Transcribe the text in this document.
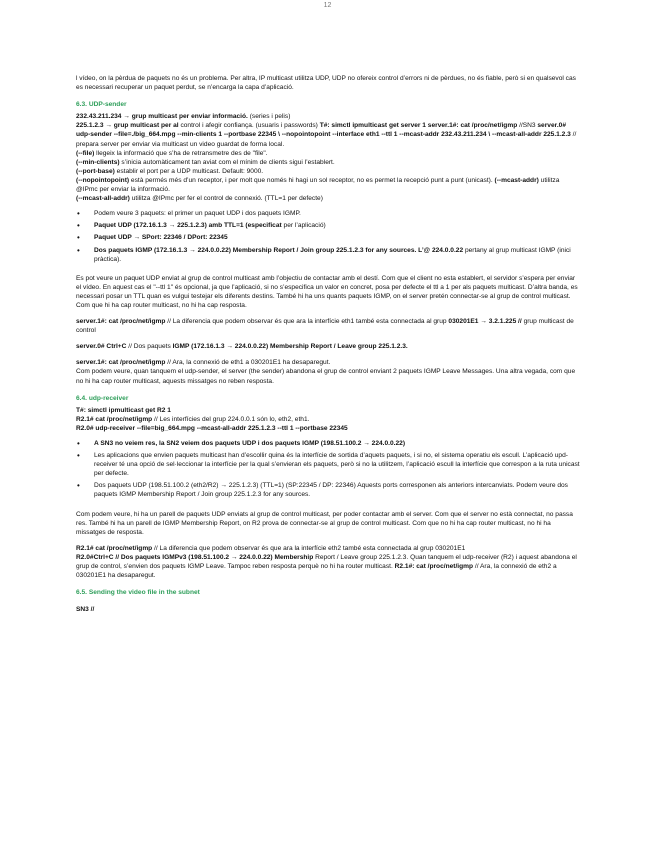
12

l vídeo, on la pèrdua de paquets no és un problema. Per altra, IP multicast utilitza UDP, UDP no ofereix control d’errors ni de pèrdues, no és fiable, però si en qualsevol cas es necessari recuperar un paquet perdut, se n’encarga la capa d’aplicació.

6.3. UDP-sender
232.43.211.234 → grup multicast per enviar informació. (series i pelis)
225.1.2.3 → grup multicast per al control i afegir confiança. (usuaris i passwords) T#: simctl ipmulticast get server 1 server.1#: cat /proc/net/igmp //SN3 server.0# udp-sender --file=./big_664.mpg --min-clients 1 --portbase 22345 \ --nopointopoint --interface eth1 --ttl 1 --mcast-addr 232.43.211.234 \ --mcast-all-addr 225.1.2.3 // prepara server per enviar via multicast un video guardat de forma local.
(--file) llegeix la informació que s’ha de retransmetre des de "file".
(--min-clients) s’inicia automàticament tan aviat com el mínim de clients sigui l’establert.
(--port-base) establir el port per a UDP multicast. Default: 9000.
(--nopointopoint) està permés més d’un receptor, i per molt que només hi hagi un sol receptor, no es permet la recepció punt a punt (unicast). (--mcast-addr) utilitza @IPmc per enviar la informació.
(--mcast-all-addr) utilitza @IPmc per fer el control de connexió. (TTL=1 per defecte)
• Podem veure 3 paquets: el primer un paquet UDP i dos paquets IGMP.
• Paquet UDP (172.16.1.3 → 225.1.2.3) amb TTL=1 (especificat per l’aplicació)
• Paquet UDP → SPort: 22346 / DPort: 22345
• Dos paquets IGMP (172.16.1.3 → 224.0.0.22) Membership Report / Join group 225.1.2.3 for any sources. L’@ 224.0.0.22 pertany al grup multicast IGMP (inici pràctica).

Es pot veure un paquet UDP enviat al grup de control multicast amb l’objectiu de contactar amb el destí. Com que el client no esta establert, el servidor s’espera per enviar el vídeo. En aquest cas el "--ttl 1" és opcional, ja que l’aplicació, si no s’especifica un valor en concret, posa per defecte el ttl a 1 per als paquets multicast. D’altra banda, es necessari posar un TTL quan es vulgui testejar els diferents destins. També hi ha uns quants paquets IGMP, on el server pretén connectar-se al grup de control multicast. Com que hi ha cap router multicast, no hi ha cap resposta.

server.1#: cat /proc/net/igmp // La diferencia que podem observar és que ara la interfície eth1 també esta connectada al grup 030201E1 → 3.2.1.225 // grup multicast de control

server.0# Ctrl+C // Dos paquets IGMP (172.16.1.3 → 224.0.0.22) Membership Report / Leave group 225.1.2.3.

server.1#: cat /proc/net/igmp // Ara, la connexió de eth1 a 030201E1 ha desaparegut.
Com podem veure, quan tanquem el udp-sender, el server (the sender) abandona el grup de control enviant 2 paquets IGMP Leave Messages. Una altra vegada, com que no hi ha cap router multicast, aquests missatges no reben resposta.

6.4. udp-receiver
T#: simctl ipmulticast get R2 1
R2.1# cat /proc/net/igmp // Les interfícies del grup 224.0.0.1 són lo, eth2, eth1.
R2.0# udp-receiver --file=big_664.mpg --mcast-all-addr 225.1.2.3 --ttl 1 --portbase 22345
• A SN3 no veiem res, la SN2 veiem dos paquets UDP i dos paquets IGMP (198.51.100.2 → 224.0.0.22)
• Les aplicacions que envien paquets multicast han d’escollir quina és la interfície de sortida d’aquets paquets, i si no, el sistema operatiu els escull. L’aplicació upd-receiver té una opció de sel·leccionar la interfície per la qual s’envieran els paquets, però si no la utilitzem, l’aplicació escull la interfície que correspon a la ruta unicast per defecte.
• Dos paquets UDP (198.51.100.2 (eth2/R2) → 225.1.2.3) (TTL=1) (SP:22345 / DP: 22346) Aquests ports corresponen als anteriors intercanviats. Podem veure dos paquets IGMP Membership Report / Join group 225.1.2.3 for any sources.

Com podem veure, hi ha un parell de paquets UDP enviats al grup de control multicast, per poder contactar amb el server. Com que el server no està connectat, no passa res. També hi ha un parell de IGMP Membership Report, on R2 prova de connectar-se al grup de control multicast. Com que no hi ha cap router multicast, no hi ha missatges de resposta.

R2.1# cat /proc/net/igmp // La diferencia que podem observar és que ara la interfície eth2 també esta connectada al grup 030201E1

R2.0#Ctrl+C // Dos paquets IGMPv3 (198.51.100.2 → 224.0.0.22) Membership Report / Leave group 225.1.2.3. Quan tanquem el udp-receiver (R2) i aquest abandona el grup de control, s’envien dos paquets IGMP Leave. Tampoc reben resposta perquè no hi ha router multicast. R2.1#: cat /proc/net/igmp // Ara, la connexió de eth2 a 030201E1 ha desaparegut.

6.5. Sending the video file in the subnet
SN3 //
